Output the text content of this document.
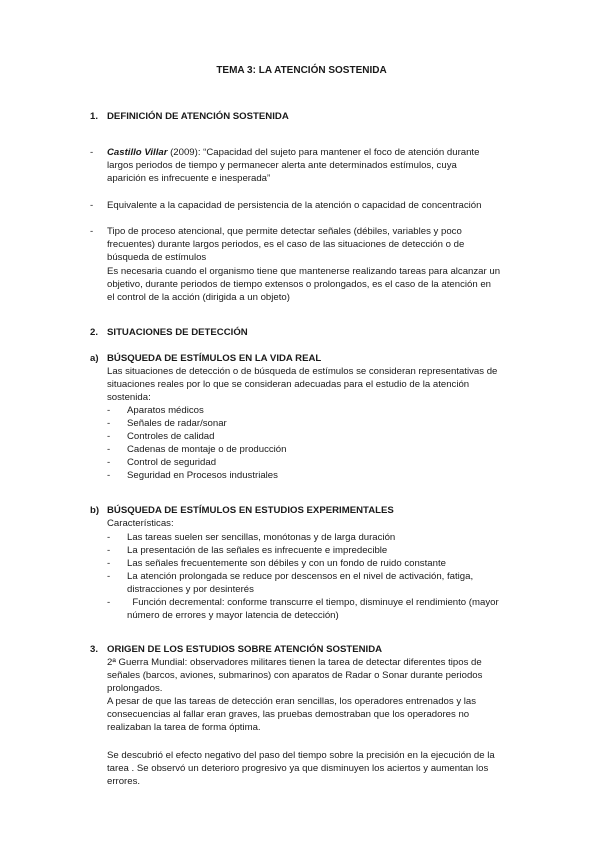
TEMA 3: LA ATENCIÓN SOSTENIDA
1. DEFINICIÓN DE ATENCIÓN SOSTENIDA
- Castillo Villar (2009): “Capacidad del sujeto para mantener el foco de atención durante
largos periodos de tiempo y permanecer alerta ante determinados estímulos, cuya
aparición es infrecuente e inesperada”
- Equivalente a la capacidad de persistencia de la atención o capacidad de concentración
- Tipo de proceso atencional, que permite detectar señales (débiles, variables y poco
frecuentes) durante largos periodos, es el caso de las situaciones de detección o de
búsqueda de estímulos
Es necesaria cuando el organismo tiene que mantenerse realizando tareas para alcanzar un
objetivo, durante periodos de tiempo extensos o prolongados, es el caso de la atención en
el control de la acción (dirigida a un objeto)
2. SITUACIONES DE DETECCIÓN
a) BÚSQUEDA DE ESTÍMULOS EN LA VIDA REAL
Las situaciones de detección o de búsqueda de estímulos se consideran representativas de
situaciones reales por lo que se consideran adecuadas para el estudio de la atención
sostenida:
- Aparatos médicos
- Señales de radar/sonar
- Controles de calidad
- Cadenas de montaje o de producción
- Control de seguridad
- Seguridad en Procesos industriales
b) BÚSQUEDA DE ESTÍMULOS EN ESTUDIOS EXPERIMENTALES
Características:
- Las tareas suelen ser sencillas, monótonas y de larga duración
- La presentación de las señales es infrecuente e impredecible
- Las señales frecuentemente son débiles y con un fondo de ruido constante
- La atención prolongada se reduce por descensos en el nivel de activación, fatiga,
distracciones y por desinterés
- Función decremental: conforme transcurre el tiempo, disminuye el rendimiento (mayor
número de errores y mayor latencia de detección)
3. ORIGEN DE LOS ESTUDIOS SOBRE ATENCIÓN SOSTENIDA
2ª Guerra Mundial: observadores militares tienen la tarea de detectar diferentes tipos de
señales (barcos, aviones, submarinos) con aparatos de Radar o Sonar durante periodos
prolongados.
A pesar de que las tareas de detección eran sencillas, los operadores entrenados y las
consecuencias al fallar eran graves, las pruebas demostraban que los operadores no
realizaban la tarea de forma óptima.
Se descubrió el efecto negativo del paso del tiempo sobre la precisión en la ejecución de la
tarea . Se observó un deterioro progresivo ya que disminuyen los aciertos y aumentan los
errores.
